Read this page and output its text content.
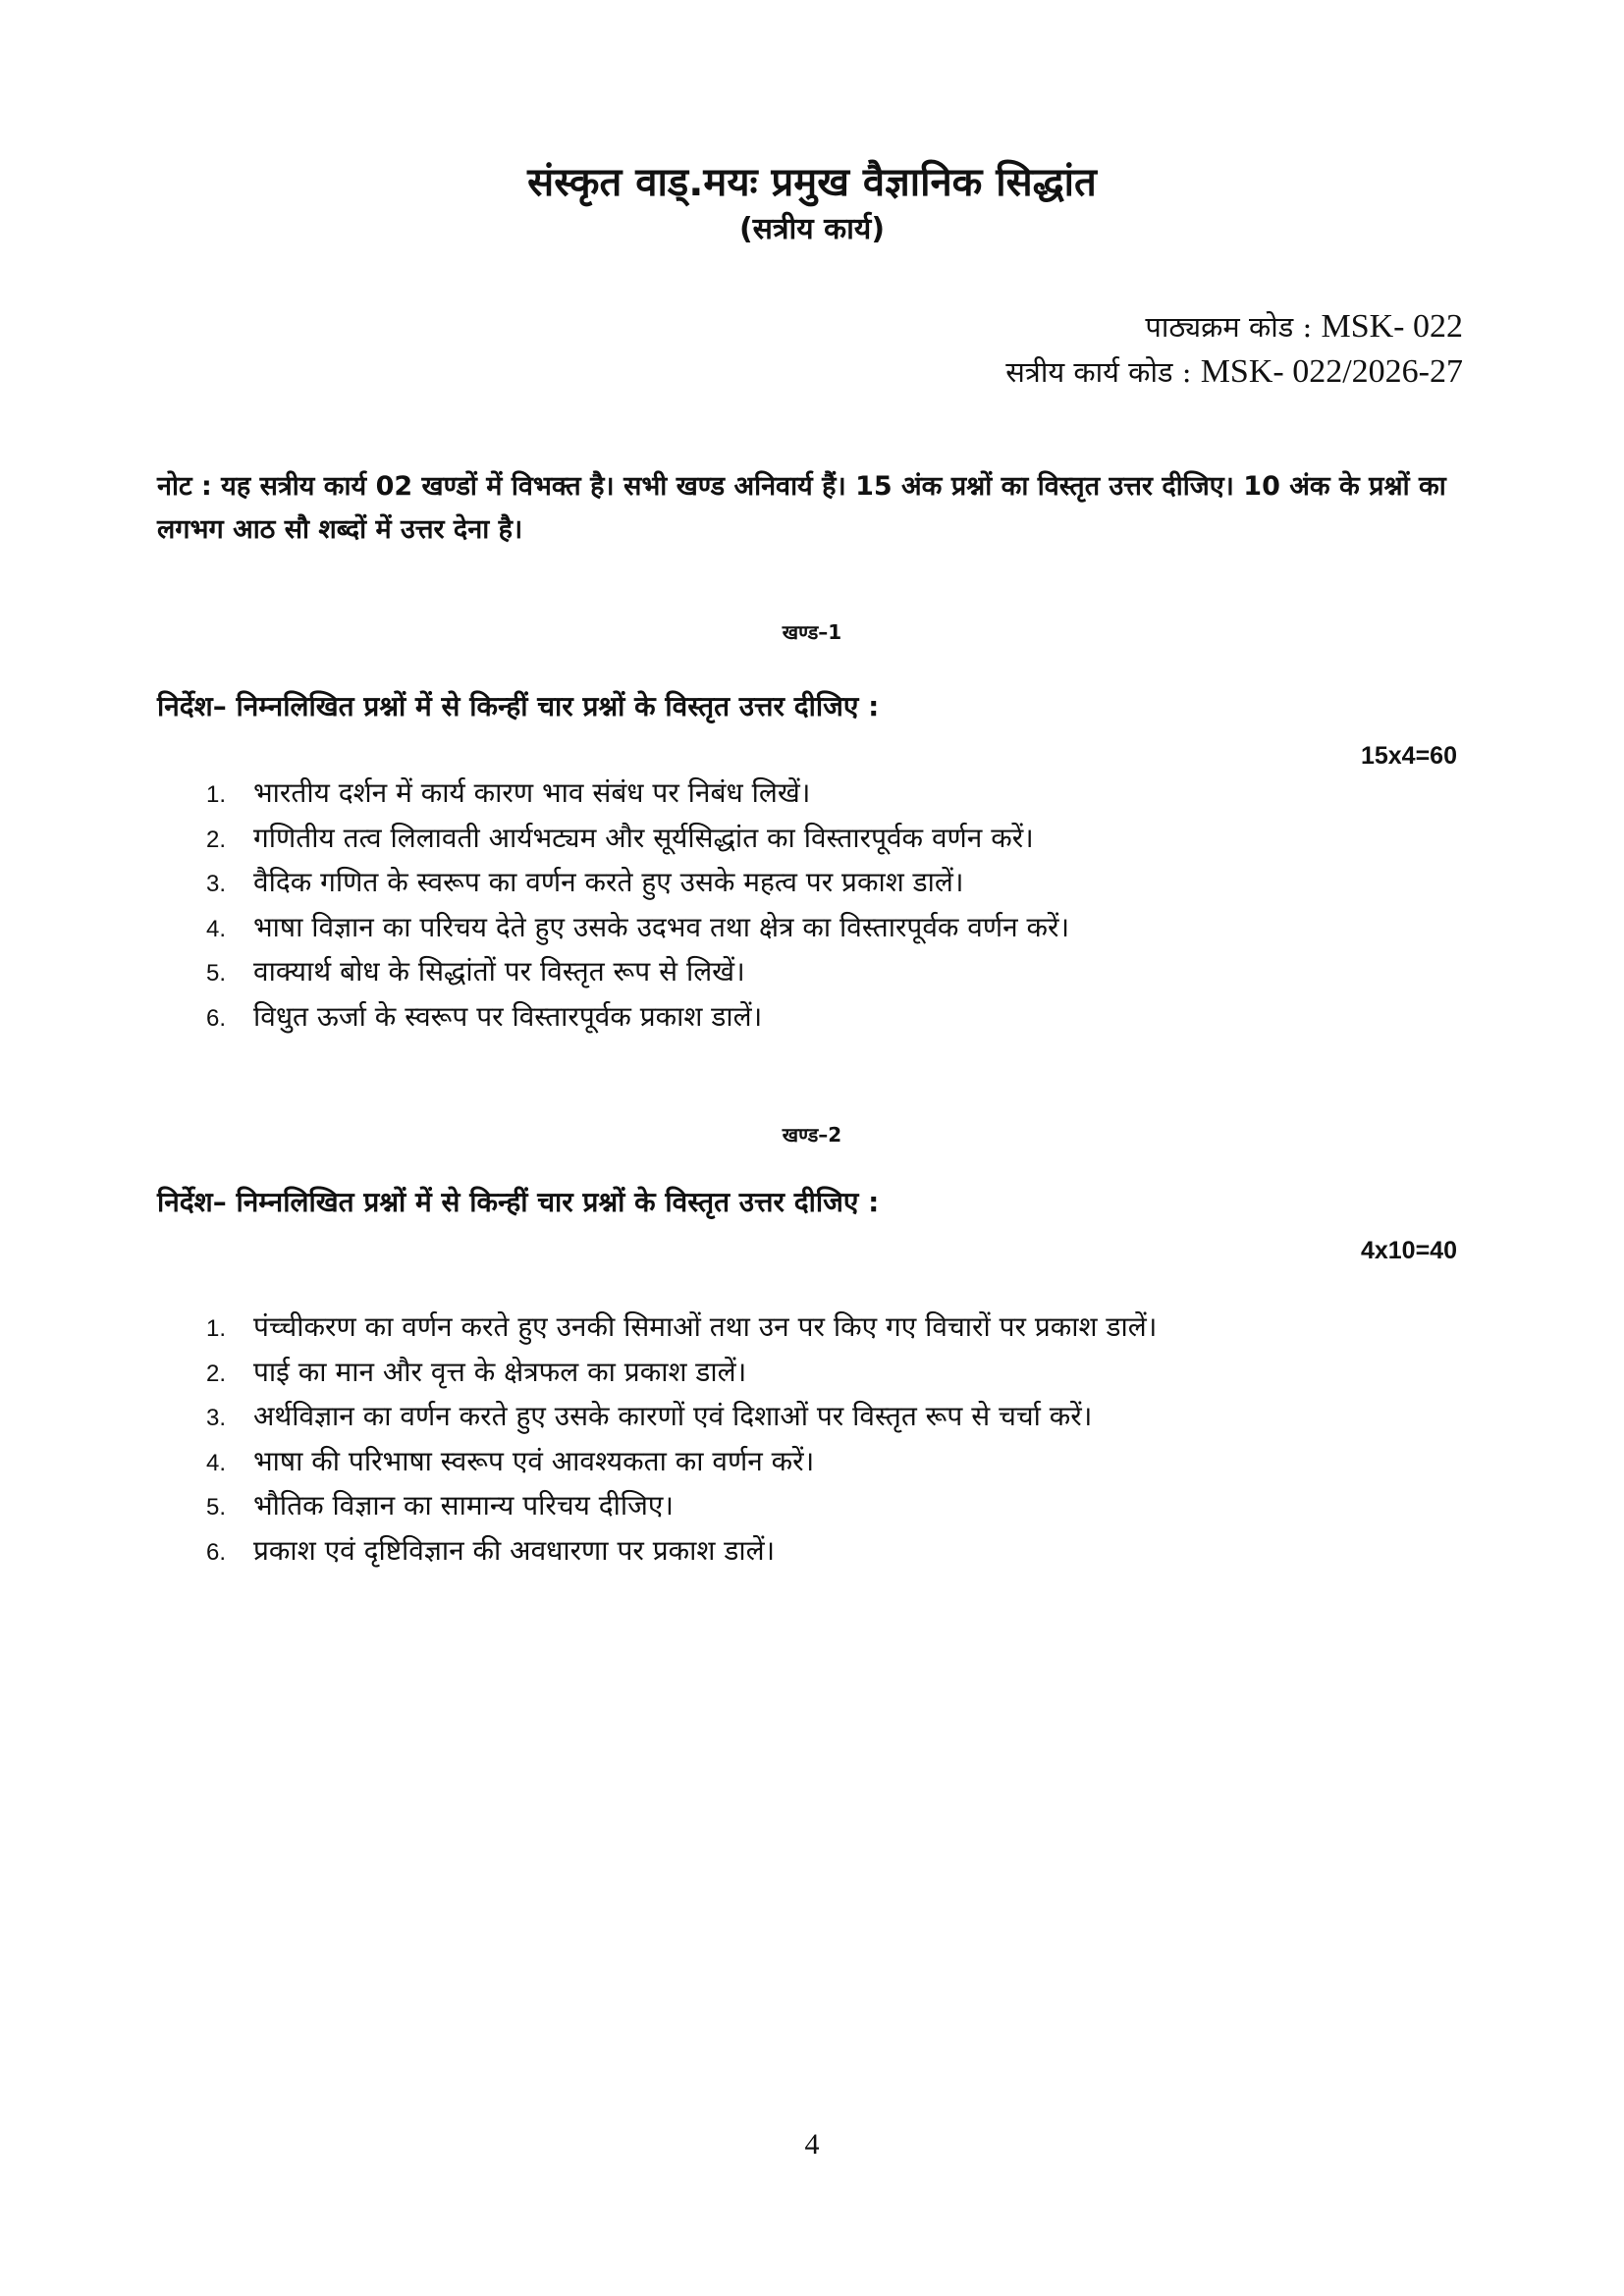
संस्कृत वाड्.मयः प्रमुख वैज्ञानिक सिद्धांत
(सत्रीय कार्य)
पाठ्यक्रम कोड : MSK- 022
सत्रीय कार्य कोड : MSK- 022/2026-27
नोट : यह सत्रीय कार्य 02 खण्डों में विभक्त है। सभी खण्ड अनिवार्य हैं। 15 अंक प्रश्नों का विस्तृत उत्तर दीजिए। 10 अंक के प्रश्नों का लगभग आठ सौ शब्दों में उत्तर देना है।
खण्ड–1
निर्देश– निम्नलिखित प्रश्नों में से किन्हीं चार प्रश्नों के विस्तृत उत्तर दीजिए :
15x4=60
1. भारतीय दर्शन में कार्य कारण भाव संबंध पर निबंध लिखें।
2. गणितीय तत्व लिलावती आर्यभट्यम और सूर्यसिद्धांत का विस्तारपूर्वक वर्णन करें।
3. वैदिक गणित के स्वरूप का वर्णन करते हुए उसके महत्व पर प्रकाश डालें।
4. भाषा विज्ञान का परिचय देते हुए उसके उदभव तथा क्षेत्र का विस्तारपूर्वक वर्णन करें।
5. वाक्यार्थ बोध के सिद्धांतों पर विस्तृत रूप से लिखें।
6. विधुत ऊर्जा के स्वरूप पर विस्तारपूर्वक प्रकाश डालें।
खण्ड–2
निर्देश– निम्नलिखित प्रश्नों में से किन्हीं चार प्रश्नों के विस्तृत उत्तर दीजिए :
4x10=40
1. पंच्चीकरण का वर्णन करते हुए उनकी सिमाओं तथा उन पर किए गए विचारों पर प्रकाश डालें।
2. पाई का मान और वृत्त के क्षेत्रफल का प्रकाश डालें।
3. अर्थविज्ञान का वर्णन करते हुए उसके कारणों एवं दिशाओं पर विस्तृत रूप से चर्चा करें।
4. भाषा की परिभाषा स्वरूप एवं आवश्यकता का वर्णन करें।
5. भौतिक विज्ञान का सामान्य परिचय दीजिए।
6. प्रकाश एवं दृष्टिविज्ञान की अवधारणा पर प्रकाश डालें।
4
